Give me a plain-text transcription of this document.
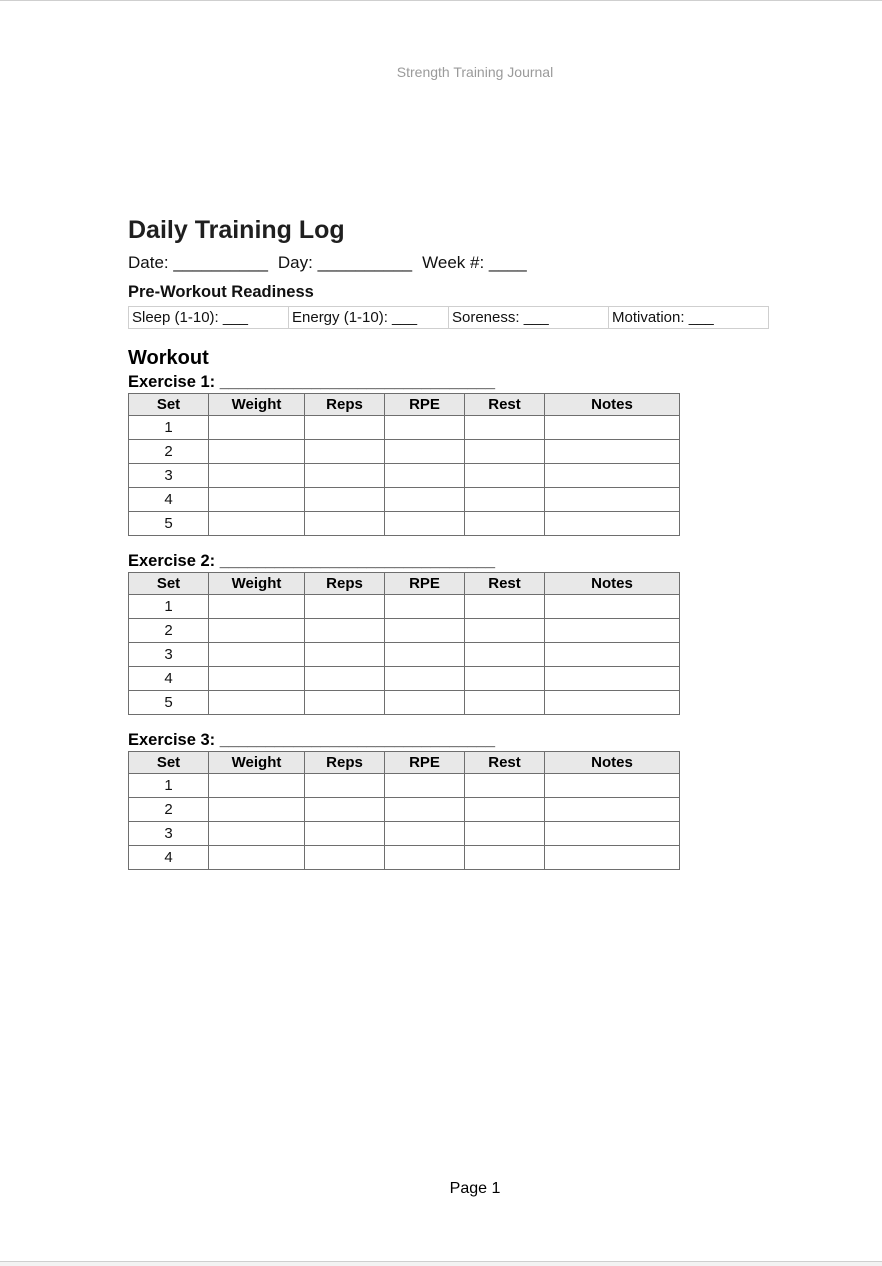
Strength Training Journal
Daily Training Log
Date: __________ Day: __________ Week #: ____
Pre-Workout Readiness
Sleep (1-10): ___	Energy (1-10): ___	Soreness: ___	Motivation: ___
Workout
Exercise 1: ______________________________
Set	Weight	Reps	RPE	Rest	Notes
1					
2					
3					
4					
5					
Exercise 2: ______________________________
Set	Weight	Reps	RPE	Rest	Notes
1					
2					
3					
4					
5					
Exercise 3: ______________________________
Set	Weight	Reps	RPE	Rest	Notes
1					
2					
3					
4					
Page 1
